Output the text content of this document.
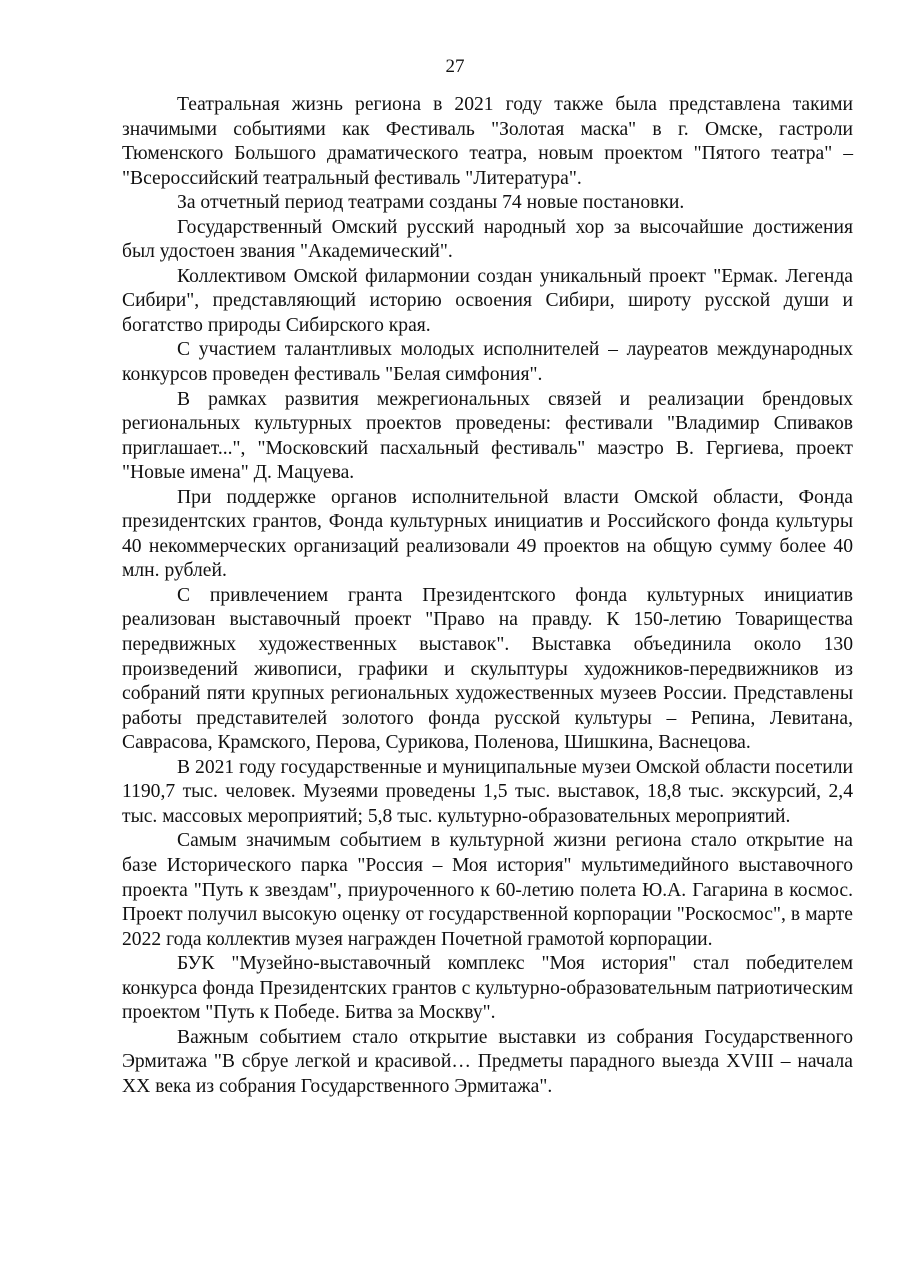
27

Театральная жизнь региона в 2021 году также была представлена такими значимыми событиями как Фестиваль "Золотая маска" в г. Омске, гастроли Тюменского Большого драматического театра, новым проектом "Пятого театра" – "Всероссийский театральный фестиваль "Литература".

За отчетный период театрами созданы 74 новые постановки.

Государственный Омский русский народный хор за высочайшие достижения был удостоен звания "Академический".

Коллективом Омской филармонии создан уникальный проект "Ермак. Легенда Сибири", представляющий историю освоения Сибири, широту русской души и богатство природы Сибирского края.

С участием талантливых молодых исполнителей – лауреатов международных конкурсов проведен фестиваль "Белая симфония".

В рамках развития межрегиональных связей и реализации брендовых региональных культурных проектов проведены: фестивали "Владимир Спиваков приглашает...", "Московский пасхальный фестиваль" маэстро В. Гергиева, проект "Новые имена" Д. Мацуева.

При поддержке органов исполнительной власти Омской области, Фонда президентских грантов, Фонда культурных инициатив и Российского фонда культуры 40 некоммерческих организаций реализовали 49 проектов на общую сумму более 40 млн. рублей.

С привлечением гранта Президентского фонда культурных инициатив реализован выставочный проект "Право на правду. К 150-летию Товарищества передвижных художественных выставок". Выставка объединила около 130 произведений живописи, графики и скульптуры художников-передвижников из собраний пяти крупных региональных художественных музеев России. Представлены работы представителей золотого фонда русской культуры – Репина, Левитана, Саврасова, Крамского, Перова, Сурикова, Поленова, Шишкина, Васнецова.

В 2021 году государственные и муниципальные музеи Омской области посетили 1190,7 тыс. человек. Музеями проведены 1,5 тыс. выставок, 18,8 тыс. экскурсий, 2,4 тыс. массовых мероприятий; 5,8 тыс. культурно-образовательных мероприятий.

Самым значимым событием в культурной жизни региона стало открытие на базе Исторического парка "Россия – Моя история" мультимедийного выставочного проекта "Путь к звездам", приуроченного к 60-летию полета Ю.А. Гагарина в космос. Проект получил высокую оценку от государственной корпорации "Роскосмос", в марте 2022 года коллектив музея награжден Почетной грамотой корпорации.

БУК "Музейно-выставочный комплекс "Моя история" стал победителем конкурса фонда Президентских грантов с культурно-образовательным патриотическим проектом "Путь к Победе. Битва за Москву".

Важным событием стало открытие выставки из собрания Государственного Эрмитажа "В сбруе легкой и красивой… Предметы парадного выезда XVIII – начала XX века из собрания Государственного Эрмитажа".
